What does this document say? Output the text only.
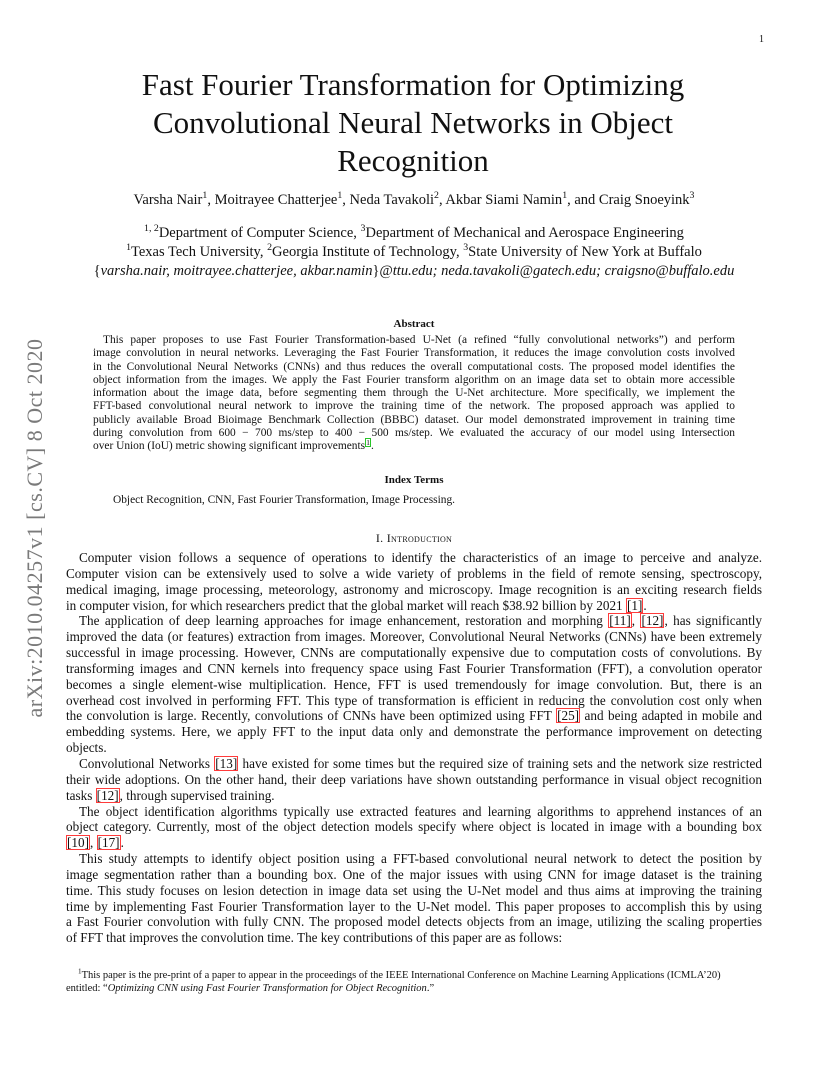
1
arXiv:2010.04257v1 [cs.CV] 8 Oct 2020
Fast Fourier Transformation for Optimizing
Convolutional Neural Networks in Object
Recognition
Varsha Nair$^1$, Moitrayee Chatterjee$^1$, Neda Tavakoli$^2$, Akbar Siami Namin$^1$, and Craig Snoeyink$^3$
$^{1, 2}$Department of Computer Science, $^3$Department of Mechanical and Aerospace Engineering
$^1$Texas Tech University, $^2$Georgia Institute of Technology, $^3$State University of New York at Buffalo
{varsha.nair, moitrayee.chatterjee, akbar.namin}@ttu.edu; neda.tavakoli@gatech.edu; craigsno@buffalo.edu
Abstract
This paper proposes to use Fast Fourier Transformation-based U-Net (a refined “fully convolutional networks”) and perform
image convolution in neural networks. Leveraging the Fast Fourier Transformation, it reduces the image convolution costs involved
in the Convolutional Neural Networks (CNNs) and thus reduces the overall computational costs. The proposed model identifies the
object information from the images. We apply the Fast Fourier transform algorithm on an image data set to obtain more accessible
information about the image data, before segmenting them through the U-Net architecture. More specifically, we implement the
FFT-based convolutional neural network to improve the training time of the network. The proposed approach was applied to
publicly available Broad Bioimage Benchmark Collection (BBBC) dataset. Our model demonstrated improvement in training time
during convolution from 600 − 700 ms/step to 400 − 500 ms/step. We evaluated the accuracy of our model using Intersection
over Union (IoU) metric showing significant improvements$^1$.
Index Terms
Object Recognition, CNN, Fast Fourier Transformation, Image Processing.
I. Introduction
Computer vision follows a sequence of operations to identify the characteristics of an image to perceive and analyze.
Computer vision can be extensively used to solve a wide variety of problems in the field of remote sensing, spectroscopy,
medical imaging, image processing, meteorology, astronomy and microscopy. Image recognition is an exciting research fields
in computer vision, for which researchers predict that the global market will reach $38.92 billion by 2021 [1].
The application of deep learning approaches for image enhancement, restoration and morphing [11], [12], has significantly
improved the data (or features) extraction from images. Moreover, Convolutional Neural Networks (CNNs) have been extremely
successful in image processing. However, CNNs are computationally expensive due to computation costs of convolutions. By
transforming images and CNN kernels into frequency space using Fast Fourier Transformation (FFT), a convolution operator
becomes a single element-wise multiplication. Hence, FFT is used tremendously for image convolution. But, there is an
overhead cost involved in performing FFT. This type of transformation is efficient in reducing the convolution cost only when
the convolution is large. Recently, convolutions of CNNs have been optimized using FFT [25] and being adapted in mobile and
embedding systems. Here, we apply FFT to the input data only and demonstrate the performance improvement on detecting
objects.
Convolutional Networks [13] have existed for some times but the required size of training sets and the network size restricted
their wide adoptions. On the other hand, their deep variations have shown outstanding performance in visual object recognition
tasks [12], through supervised training.
The object identification algorithms typically use extracted features and learning algorithms to apprehend instances of an
object category. Currently, most of the object detection models specify where object is located in image with a bounding box
[10], [17].
This study attempts to identify object position using a FFT-based convolutional neural network to detect the position by
image segmentation rather than a bounding box. One of the major issues with using CNN for image dataset is the training
time. This study focuses on lesion detection in image data set using the U-Net model and thus aims at improving the training
time by implementing Fast Fourier Transformation layer to the U-Net model. This paper proposes to accomplish this by using
a Fast Fourier convolution with fully CNN. The proposed model detects objects from an image, utilizing the scaling properties
of FFT that improves the convolution time. The key contributions of this paper are as follows:
$^1$This paper is the pre-print of a paper to appear in the proceedings of the IEEE International Conference on Machine Learning Applications (ICMLA’20)
entitled: “Optimizing CNN using Fast Fourier Transformation for Object Recognition.”
